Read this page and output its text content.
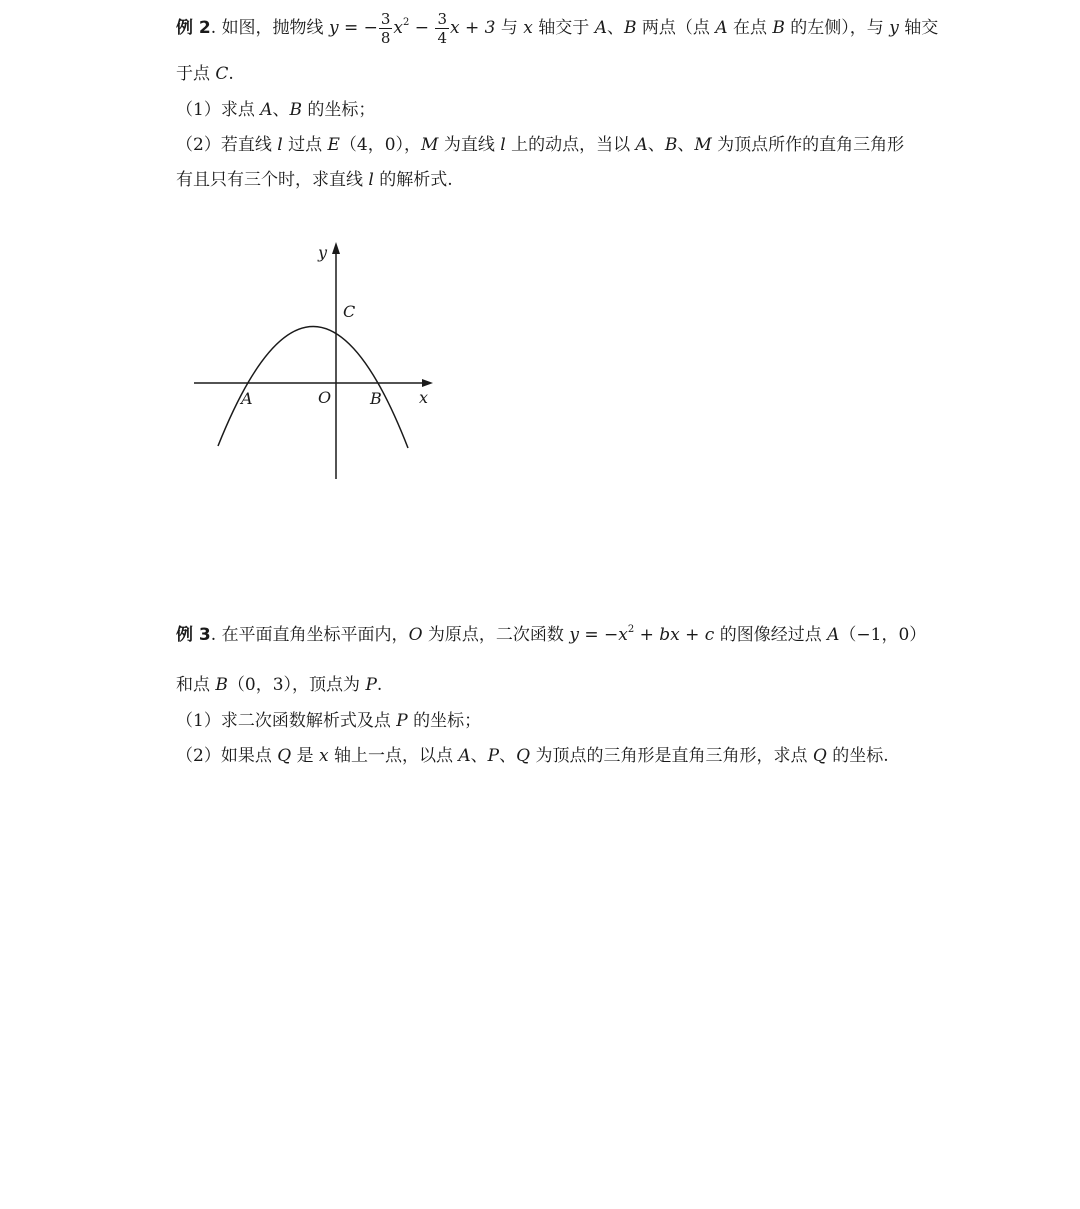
例 2. 如图，抛物线 y = − $\frac{3}{8} x^2 - \frac{3}{4}$ x + 3 与 x 轴交于 A、B 两点（点 A 在点 B 的左侧），与 y 轴交
于点 C.
（1）求点 A、B 的坐标；
（2）若直线 l 过点 E（4，0），M 为直线 l 上的动点，当以 A、B、M 为顶点所作的直角三角形
有且只有三个时，求直线 l 的解析式.
y
x
O
A	B
C
例 3. 在平面直角坐标平面内，O 为原点，二次函数 $y = -x^2$ + bx + c 的图像经过点 A（−1，0）
和点 B（0，3），顶点为 P.
（1）求二次函数解析式及点 P 的坐标；
（2）如果点 Q 是 x 轴上一点，以点 A、P、Q 为顶点的三角形是直角三角形，求点 Q 的坐标.
